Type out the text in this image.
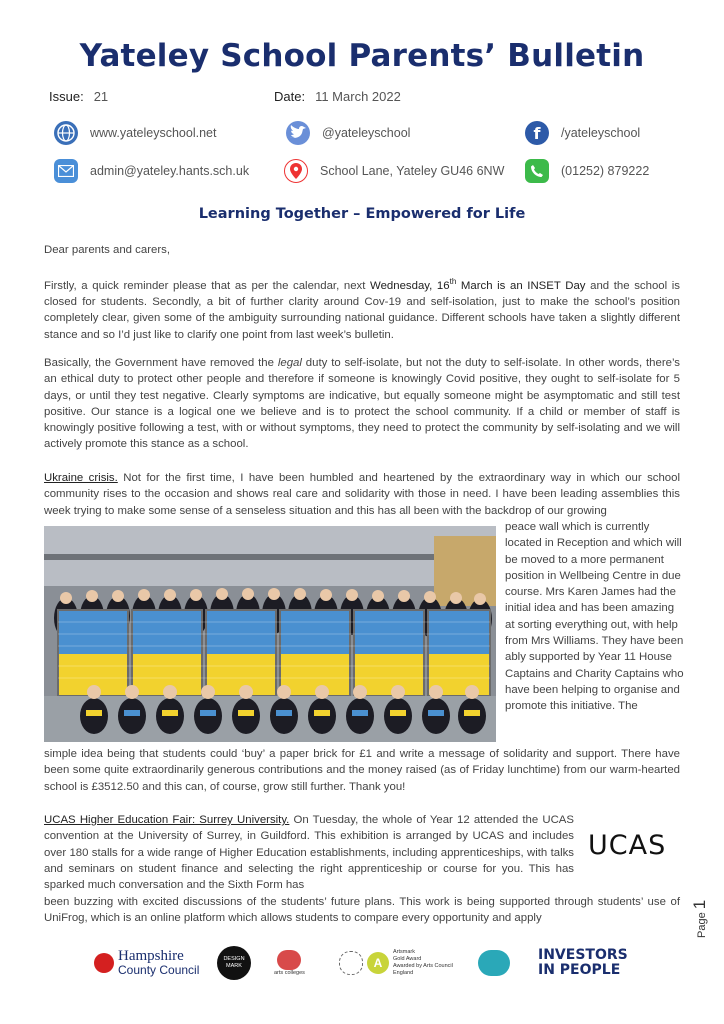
Yateley School Parents’ Bulletin
Issue: 21	Date: 11 March 2022
www.yateleyschool.net	@yateleyschool	f	/yateleyschool
admin@yateley.hants.sch.uk	School Lane, Yateley GU46 6NW	(01252) 879222
Learning Together – Empowered for Life

Dear parents and carers,

Firstly, a quick reminder please that as per the calendar, next Wednesday, 16th March is an INSET Day and the school is closed for students. Secondly, a bit of further clarity around Cov-19 and self-isolation, just to make the school’s position completely clear, given some of the ambiguity surrounding national guidance. Different schools have taken a slightly different stance and so I’d just like to clarify one point from last week’s bulletin.

Basically, the Government have removed the legal duty to self-isolate, but not the duty to self-isolate. In other words, there’s an ethical duty to protect other people and therefore if someone is knowingly Covid positive, they ought to self-isolate for 5 days, or until they test negative. Clearly symptoms are indicative, but equally someone might be asymptomatic and still test positive. Our stance is a logical one we believe and is to protect the school community. If a child or member of staff is knowingly positive following a test, with or without symptoms, they need to protect the community by self-isolating and we will actively promote this stance as a school.

Ukraine crisis. Not for the first time, I have been humbled and heartened by the extraordinary way in which our school community rises to the occasion and shows real care and solidarity with those in need. I have been leading assemblies this week trying to make some sense of a senseless situation and this has all been with the backdrop of our growing

peace wall which is currently located in Reception and which will be moved to a more permanent position in Wellbeing Centre in due course. Mrs Karen James had the initial idea and has been amazing at sorting everything out, with help from Mrs Williams. They have been ably supported by Year 11 House Captains and Charity Captains who have been helping to organise and promote this initiative. The

simple idea being that students could ‘buy’ a paper brick for £1 and write a message of solidarity and support. There have been some quite extraordinarily generous contributions and the money raised (as of Friday lunchtime) from our warm-hearted school is £3512.50 and this can, of course, grow still further. Thank you!

UCAS Higher Education Fair: Surrey University. On Tuesday, the whole of Year 12 attended the UCAS convention at the University of Surrey, in Guildford. This exhibition is arranged by UCAS and includes over 180 stalls for a wide range of Higher Education establishments, including apprenticeships, with talks and seminars on student finance and selecting the right apprenticeship or course for you. This has sparked much conversation and the Sixth Form has

been buzzing with excited discussions of the students’ future plans. This work is being supported through students’ use of UniFrog, which is an online platform which allows students to compare every opportunity and apply

UCAS
Page 1
Hampshire
County Council
DESIGN MARK
arts colleges
A
Artsmark
Gold Award
Awarded by Arts Council England
INVESTORS
IN PEOPLE
